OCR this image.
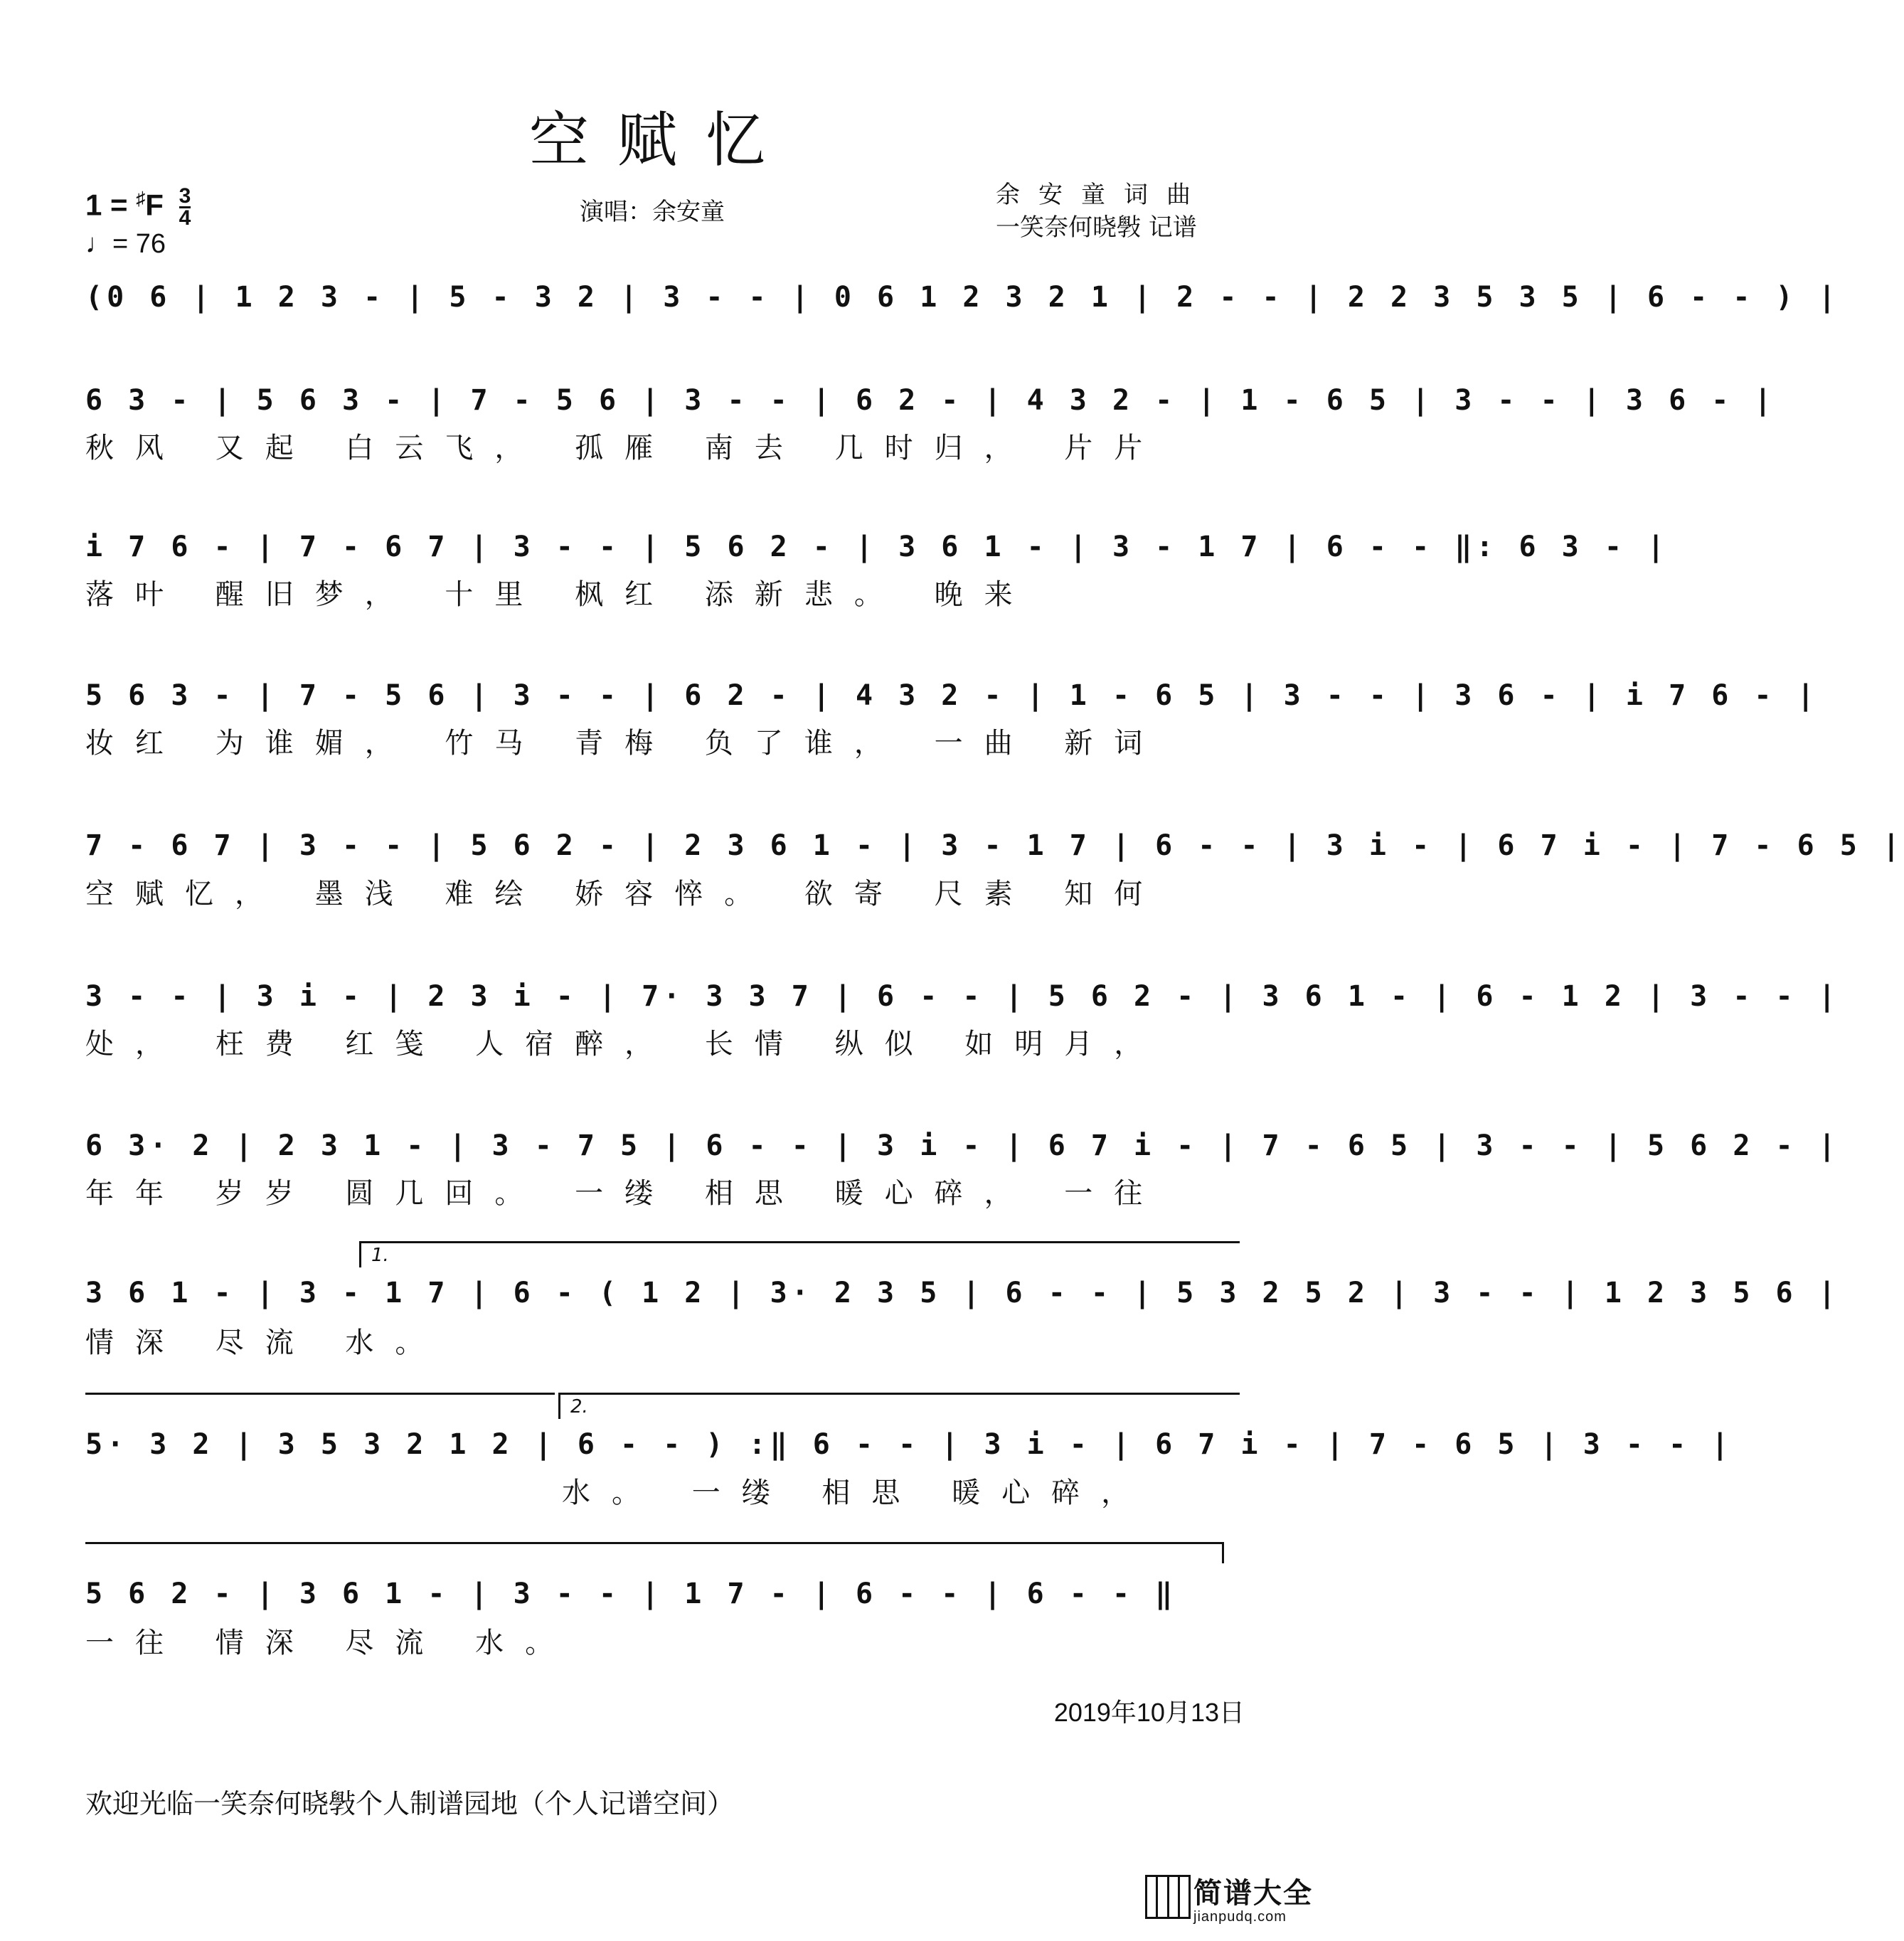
空赋忆
$1 = ^♯F \frac{3}{4}$
♩= 76
演唱：余安童
余安童词曲
一笑奈何晓斅 记谱
(0 6 | 1 2 3 - | 5 - 3 2 | 3 - - | 0 6 1 2 3 2 1 | 2 - - | 2 2 3 5 3 5 | 6 - - ) |
6 3 - | 5 6 3 - | 7 - 5 6 | 3 - - | 6 2 - | 4 3 2 - | 1 - 6 5 | 3 - - | 3 6 - |
秋风 又起 白云飞， 孤雁 南去 几时归， 片片
i 7 6 - | 7 - 6 7 | 3 - - | 5 6 2 - | 3 6 1 - | 3 - 1 7 | 6 - - ‖: 6 3 - |
落叶 醒旧梦， 十里 枫红 添新悲。 晚来
5 6 3 - | 7 - 5 6 | 3 - - | 6 2 - | 4 3 2 - | 1 - 6 5 | 3 - - | 3 6 - | i 7 6 - |
妆红 为谁媚， 竹马 青梅 负了谁， 一曲 新词
7 - 6 7 | 3 - - | 5 6 2 - | 2 3 6 1 - | 3 - 1 7 | 6 - - | 3 i - | 6 7 i - | 7 - 6 5 |
空赋忆， 墨浅 难绘 娇容悴。 欲寄 尺素 知何
3 - - | 3 i - | 2 3 i - | 7· 3 3 7 | 6 - - | 5 6 2 - | 3 6 1 - | 6 - 1 2 | 3 - - |
处， 枉费 红笺 人宿醉， 长情 纵似 如明月，
6 3· 2 | 2 3 1 - | 3 - 7 5 | 6 - - | 3 i - | 6 7 i - | 7 - 6 5 | 3 - - | 5 6 2 - |
年年 岁岁 圆几回。 一缕 相思 暖心碎， 一往
1.
3 6 1 - | 3 - 1 7 | 6 - ( 1 2 | 3· 2 3 5 | 6 - - | 5 3 2 5 2 | 3 - - | 1 2 3 5 6 |
情深 尽流 水。
2.
5· 3 2 | 3 5 3 2 1 2 | 6 - - ) :‖ 6 - - | 3 i - | 6 7 i - | 7 - 6 5 | 3 - - |
水。 一缕 相思 暖心碎，
5 6 2 - | 3 6 1 - | 3 - - | 1 7 - | 6 - - | 6 - - ‖
一往 情深 尽流 水。
2019年10月13日
欢迎光临一笑奈何晓斅个人制谱园地（个人记谱空间）
简谱大全
jianpudq.com
